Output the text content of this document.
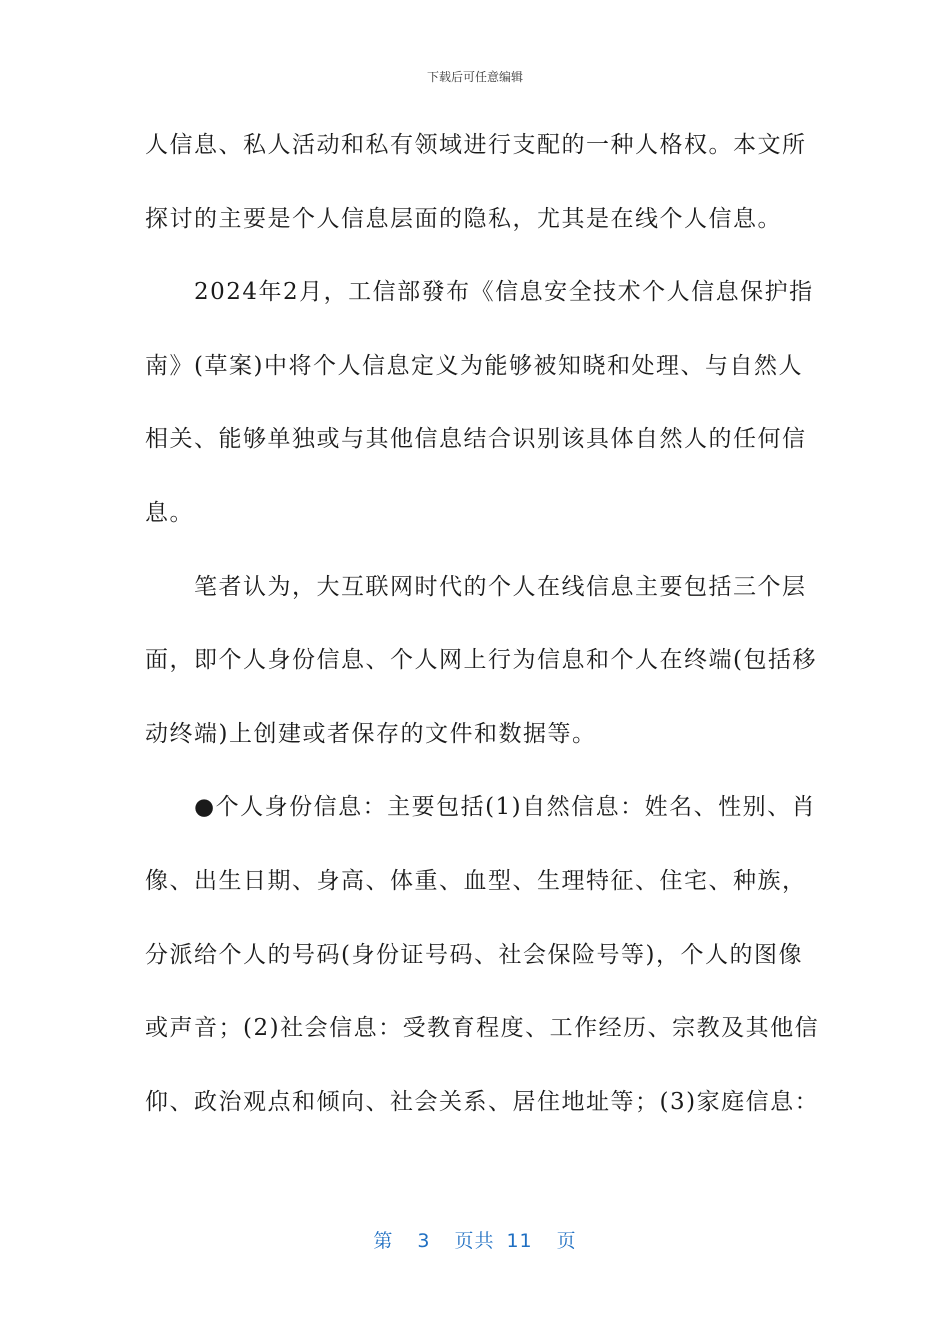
下载后可任意编辑
人信息、私人活动和私有领域进行支配的一种人格权。本文所
探讨的主要是个人信息层面的隐私，尤其是在线个人信息。
　　2024年2月，工信部發布《信息安全技术个人信息保护指
南》(草案)中将个人信息定义为能够被知晓和处理、与自然人
相关、能够单独或与其他信息结合识别该具体自然人的任何信
息。
　　笔者认为，大互联网时代的个人在线信息主要包括三个层
面，即个人身份信息、个人网上行为信息和个人在终端(包括移
动终端)上创建或者保存的文件和数据等。
　　●个人身份信息：主要包括(1)自然信息：姓名、性别、肖
像、出生日期、身高、体重、血型、生理特征、住宅、种族，
分派给个人的号码(身份证号码、社会保险号等)，个人的图像
或声音；(2)社会信息：受教育程度、工作经历、宗教及其他信
仰、政治观点和倾向、社会关系、居住地址等；(3)家庭信息：
第 3 页共 11 页
